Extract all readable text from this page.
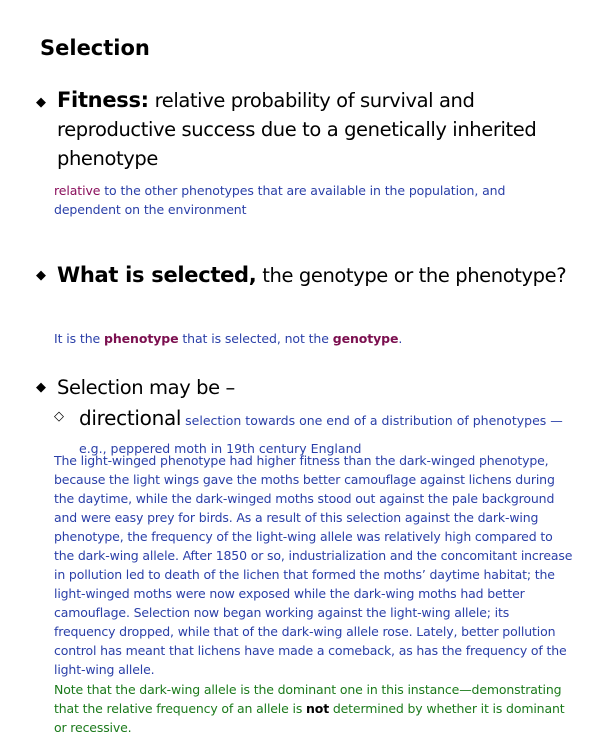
Selection
◆ Fitness: relative probability of survival and reproductive success due to a genetically inherited phenotype
relative to the other phenotypes that are available in the population, and dependent on the environment
◆ What is selected, the genotype or the phenotype?
It is the phenotype that is selected, not the genotype.
◆ Selection may be –
◇ directional selection towards one end of a distribution of phenotypes —e.g., peppered moth in 19th century England
The light-winged phenotype had higher fitness than the dark-winged phenotype, because the light wings gave the moths better camouflage against lichens during the daytime, while the dark-winged moths stood out against the pale background and were easy prey for birds. As a result of this selection against the dark-wing phenotype, the frequency of the light-wing allele was relatively high compared to the dark-wing allele. After 1850 or so, industrialization and the concomitant increase in pollution led to death of the lichen that formed the moths’ daytime habitat; the light-winged moths were now exposed while the dark-wing moths had better camouflage. Selection now began working against the light-wing allele; its frequency dropped, while that of the dark-wing allele rose. Lately, better pollution control has meant that lichens have made a comeback, as has the frequency of the light-wing allele.
Note that the dark-wing allele is the dominant one in this instance—demonstrating that the relative frequency of an allele is not determined by whether it is dominant or recessive.
